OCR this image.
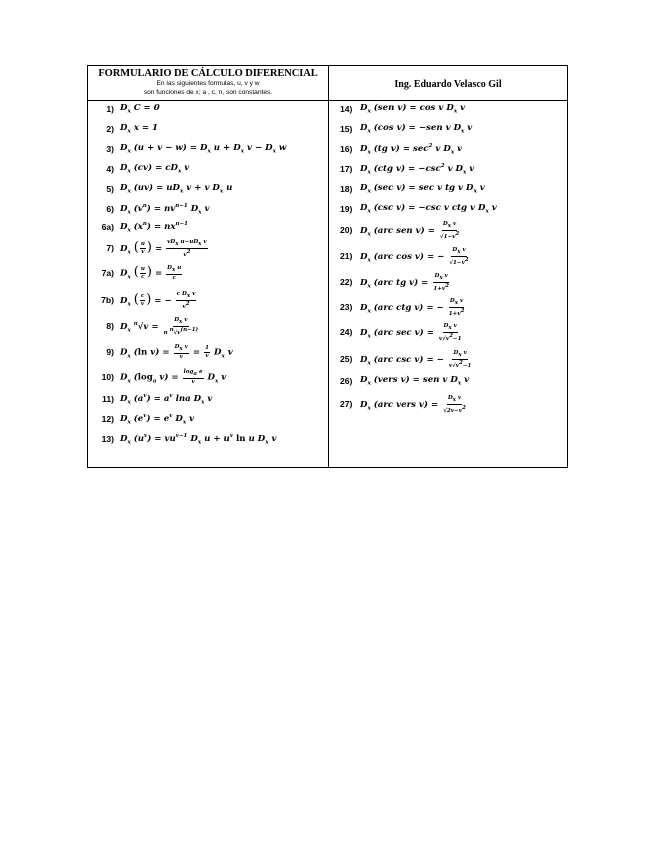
FORMULARIO DE CÁLCULO DIFERENCIAL
En las siguientes formulas, u, v y w
son funciones de x; a , c, n, son constantes.
Ing. Eduardo Velasco Gil
1) $D_x$ C = 0
2) $D_x$ x = 1
3) $D_x$ $(u + v - w) = D_x$ $u + D_x$ $v - D_x$ w
4) $D_x$ $(cv) = cD_x$ v
5) $D_x$ $(uv) = uD_x$ v + v $D_x$ u
6) $D_x$ $(v^n) = nv^{n-1}$ $D_x$ v
6a) $D_x$ $(x^n) = nx^{n-1}$
7) $D_x$ ( $\frac{u}{v}$ ) = $\frac{vD_x u-uD_x v}{v^2}$
7a) $D_x$ ( $\frac{u}{c}$ ) = $\frac{D_x u}{c}$
7b) $D_x$ ( $\frac{c}{v}$ ) = − $\frac{c D_x v}{v^2}$
8) $D_x$ $^n√v = \frac{D_x v}{n ^n√v^{(n-1)}}$
9) $D_x$ (ln $v) = \frac{D_x v}{v} = \frac{1}{v} D_x$ v
10) $D_x$ ($\log_a$ $v) = \frac{\log_a e}{v} D_x$ v
11) $D_x$ $(a^v) = a^v$ lna $D_x$ v
12) $D_x$ $(e^v) = e^v$ $D_x$ v
13) $D_x$ $(u^v) = vu^{v-1}$ $D_x$ $u + u^v$ ln u $D_x$ v
14) $D_x$ (sen v) = cos v $D_x$ v
15) $D_x$ (cos v) = −sen v $D_x$ v
16) $D_x$ (tg $v) = \sec^2 v$ $D_x$ v
17) $D_x$ (ctg $v) = -\csc^2$ v $D_x$ v
18) $D_x$ (sec v) = sec v tg v $D_x$ v
19) $D_x$ (csc v) = −csc v ctg v $D_x$ v
20) $D_x$ (arc sen $v) = \frac{D_x v}{√1-v^2}$
21) $D_x$ (arc cos v) = − $\frac{D_x v}{√1-v^2}$
22) $D_x$ (arc tg $v) = \frac{D_x v}{1+v^2}$
23) $D_x$ (arc ctg v) = − $\frac{D_x v}{1+v^2}$
24) $D_x$ (arc $\sec v) = \frac{D_x v}{v√v^2-1}$
25) $D_x$ (arc csc v) = − $\frac{D_x v}{v√v^2-1}$
26) $D_x$ (vers v) = sen v $D_x$ v
27) $D_x$ (arc vers $v) = \frac{D_x v}{√2v-v^2}$
